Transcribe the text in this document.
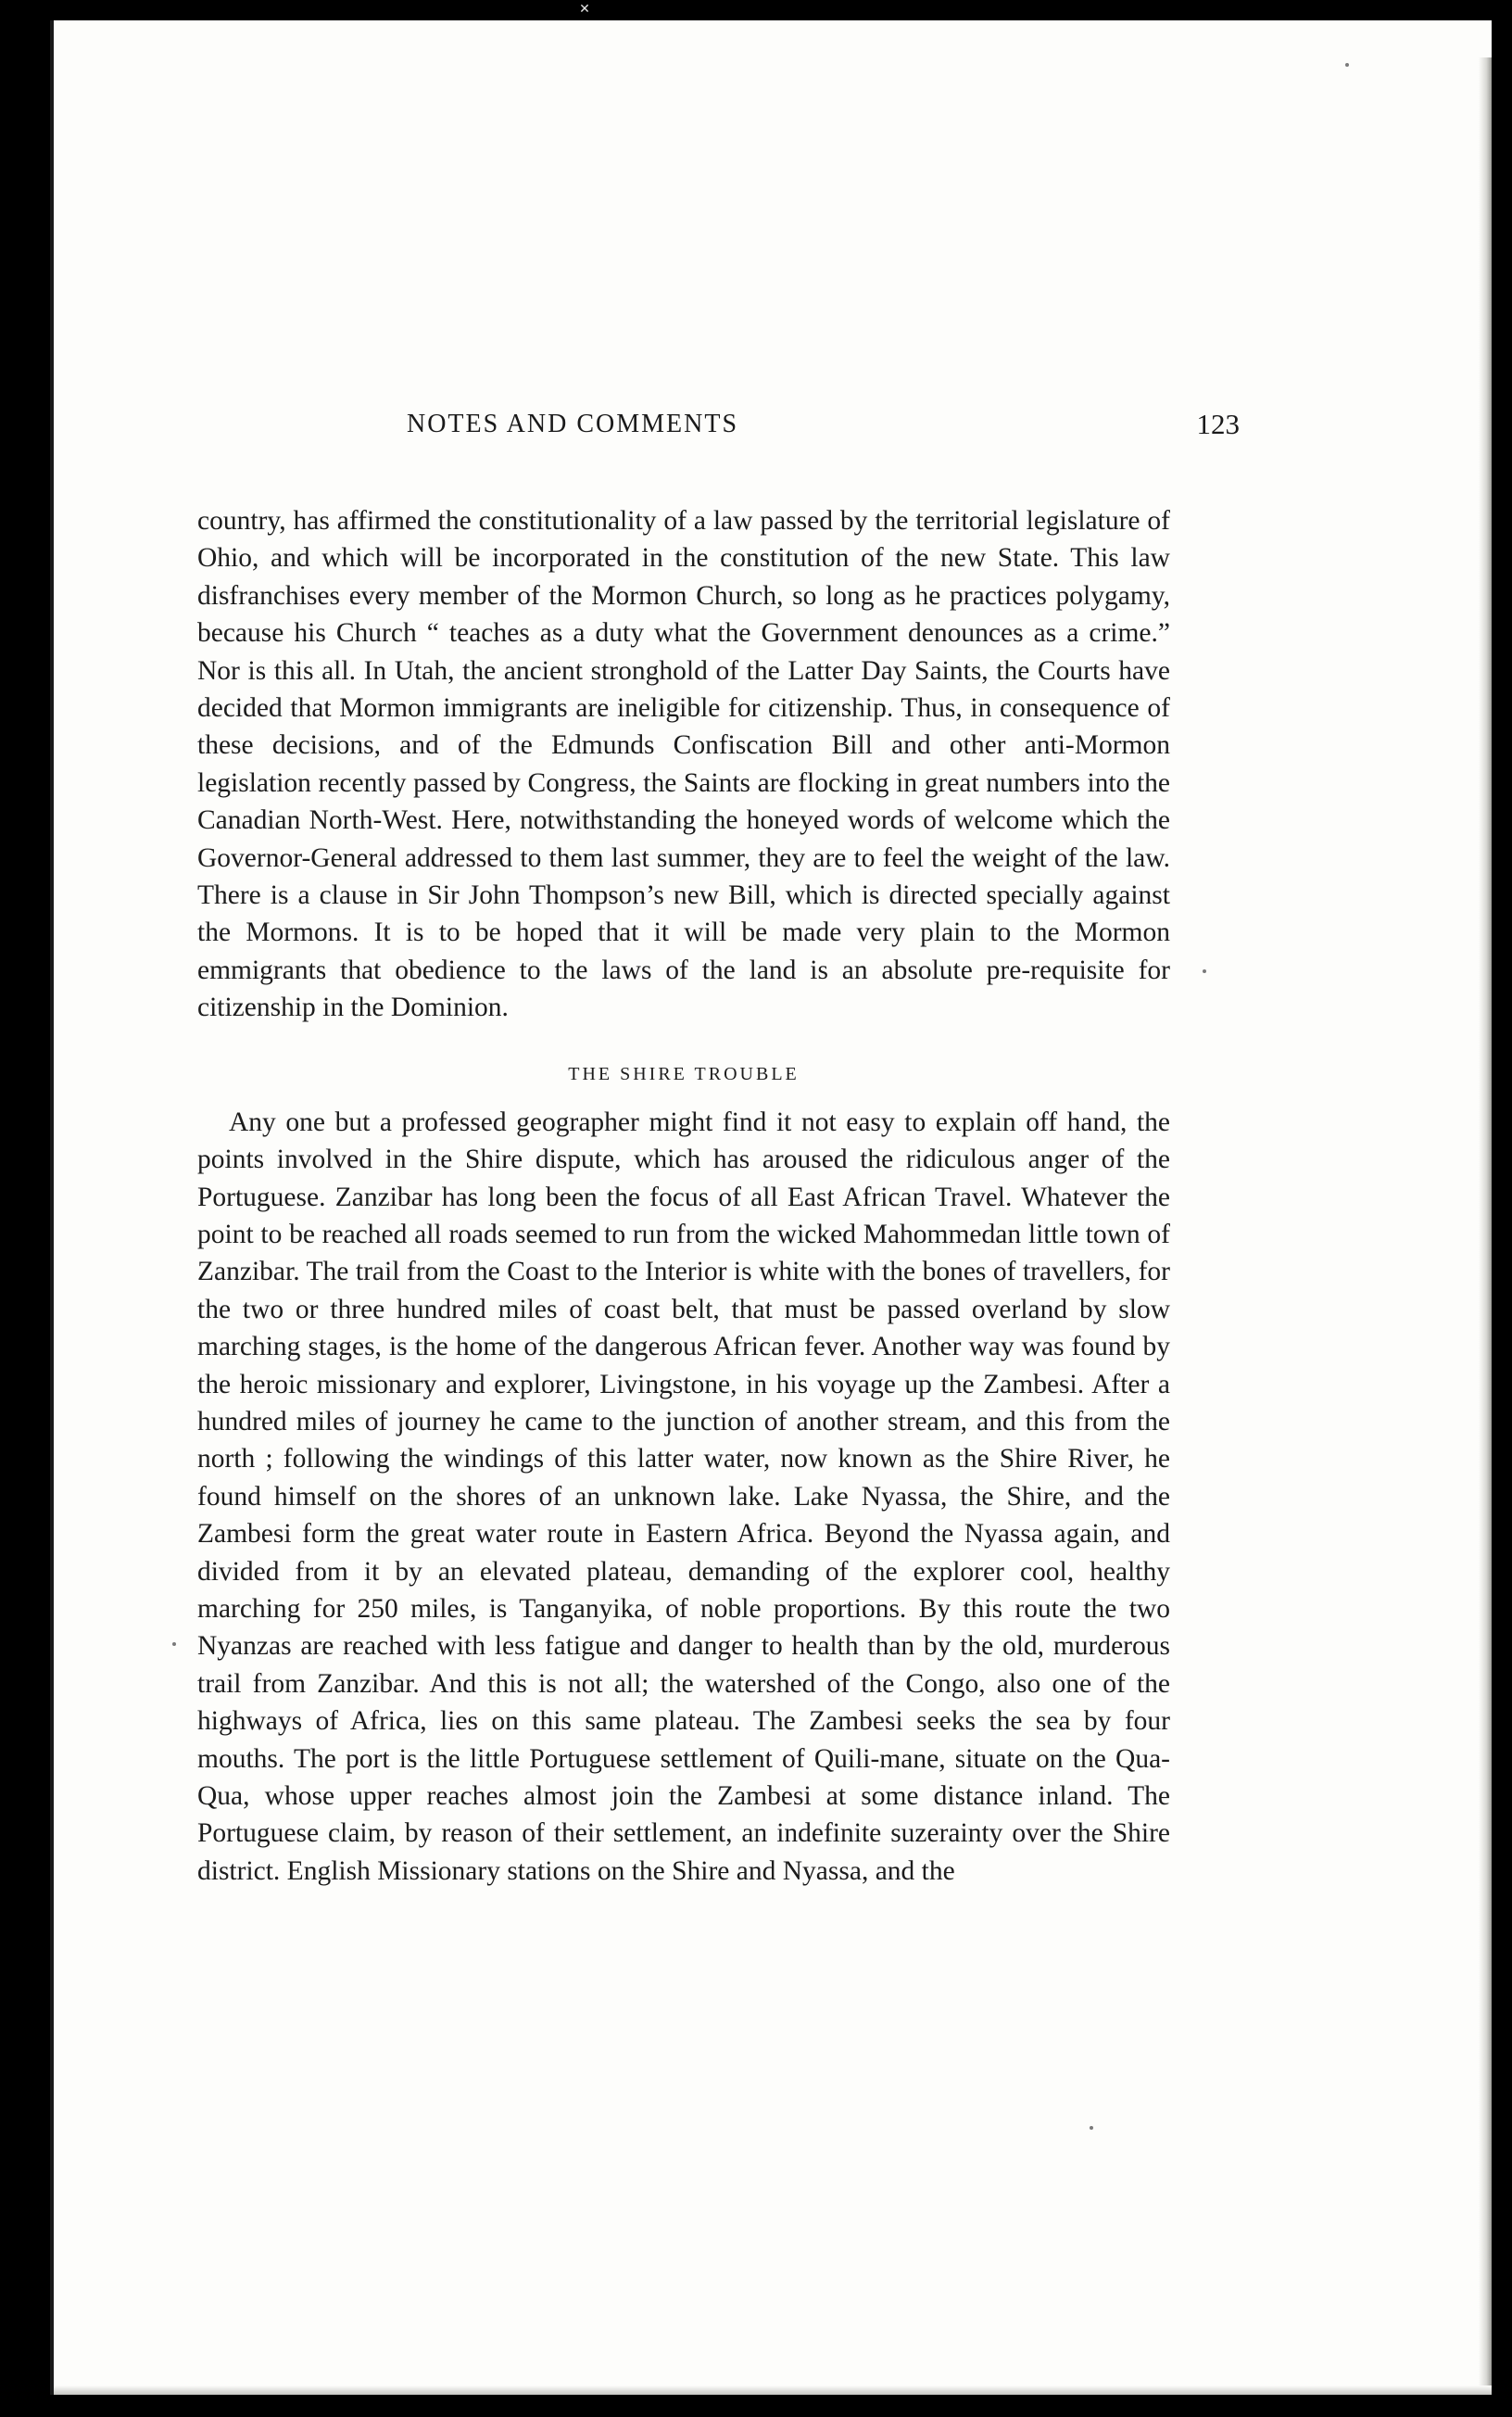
✕
NOTES AND COMMENTS	123

country, has affirmed the constitutionality of a law passed by the territorial legislature of Ohio, and which will be incorporated in the constitution of the new State. This law disfranchises every member of the Mormon Church, so long as he practices polygamy, because his Church “ teaches as a duty what the Government denounces as a crime.” Nor is this all. In Utah, the ancient stronghold of the Latter Day Saints, the Courts have decided that Mormon immigrants are ineligible for citizenship. Thus, in consequence of these decisions, and of the Edmunds Confiscation Bill and other anti-Mormon legislation recently passed by Congress, the Saints are flocking in great numbers into the Canadian North-West. Here, notwithstanding the honeyed words of welcome which the Governor-General addressed to them last summer, they are to feel the weight of the law. There is a clause in Sir John Thompson’s new Bill, which is directed specially against the Mormons. It is to be hoped that it will be made very plain to the Mormon emmigrants that obedience to the laws of the land is an absolute pre-requisite for citizenship in the Dominion.

THE SHIRE TROUBLE

Any one but a professed geographer might find it not easy to explain off hand, the points involved in the Shire dispute, which has aroused the ridiculous anger of the Portuguese. Zanzibar has long been the focus of all East African Travel. Whatever the point to be reached all roads seemed to run from the wicked Mahommedan little town of Zanzibar. The trail from the Coast to the Interior is white with the bones of travellers, for the two or three hundred miles of coast belt, that must be passed overland by slow marching stages, is the home of the dangerous African fever. Another way was found by the heroic missionary and explorer, Livingstone, in his voyage up the Zambesi. After a hundred miles of journey he came to the junction of another stream, and this from the north ; following the windings of this latter water, now known as the Shire River, he found himself on the shores of an unknown lake. Lake Nyassa, the Shire, and the Zambesi form the great water route in Eastern Africa. Beyond the Nyassa again, and divided from it by an elevated plateau, demanding of the explorer cool, healthy marching for 250 miles, is Tanganyika, of noble proportions. By this route the two Nyanzas are reached with less fatigue and danger to health than by the old, murderous trail from Zanzibar. And this is not all; the watershed of the Congo, also one of the highways of Africa, lies on this same plateau. The Zambesi seeks the sea by four mouths. The port is the little Portuguese settlement of Quili-mane, situate on the Qua-Qua, whose upper reaches almost join the Zambesi at some distance inland. The Portuguese claim, by reason of their settlement, an indefinite suzerainty over the Shire district. English Missionary stations on the Shire and Nyassa, and the
